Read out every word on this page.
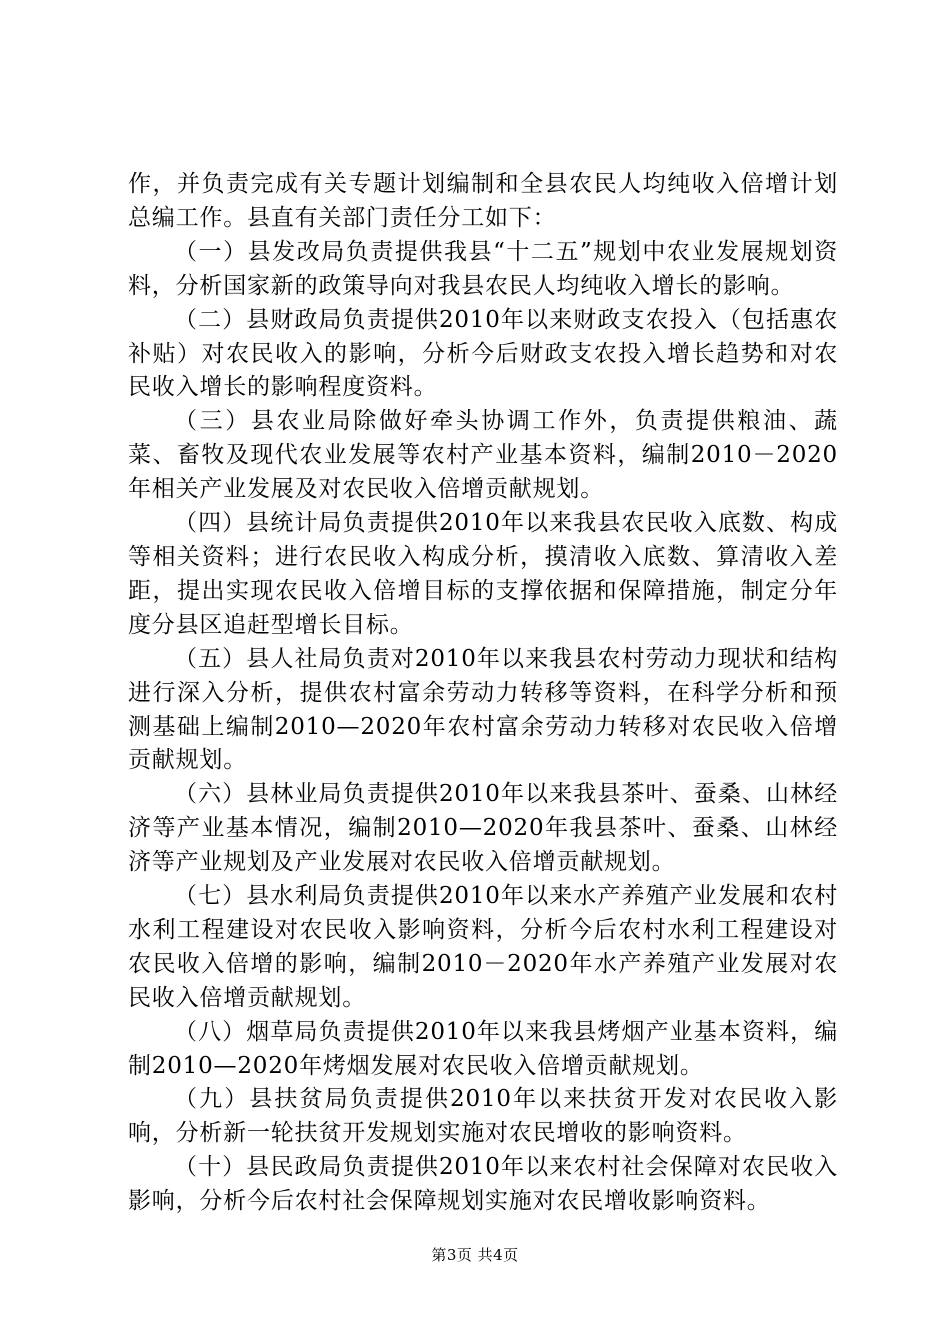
作，并负责完成有关专题计划编制和全县农民人均纯收入倍增计划总编工作。县直有关部门责任分工如下：

（一）县发改局负责提供我县“十二五”规划中农业发展规划资料，分析国家新的政策导向对我县农民人均纯收入增长的影响。

（二）县财政局负责提供2010年以来财政支农投入（包括惠农补贴）对农民收入的影响，分析今后财政支农投入增长趋势和对农民收入增长的影响程度资料。

（三）县农业局除做好牵头协调工作外，负责提供粮油、蔬菜、畜牧及现代农业发展等农村产业基本资料，编制2010－2020年相关产业发展及对农民收入倍增贡献规划。

（四）县统计局负责提供2010年以来我县农民收入底数、构成等相关资料；进行农民收入构成分析，摸清收入底数、算清收入差距，提出实现农民收入倍增目标的支撑依据和保障措施，制定分年度分县区追赶型增长目标。

（五）县人社局负责对2010年以来我县农村劳动力现状和结构进行深入分析，提供农村富余劳动力转移等资料，在科学分析和预测基础上编制2010—2020年农村富余劳动力转移对农民收入倍增贡献规划。

（六）县林业局负责提供2010年以来我县茶叶、蚕桑、山林经济等产业基本情况，编制2010—2020年我县茶叶、蚕桑、山林经济等产业规划及产业发展对农民收入倍增贡献规划。

（七）县水利局负责提供2010年以来水产养殖产业发展和农村水利工程建设对农民收入影响资料，分析今后农村水利工程建设对农民收入倍增的影响，编制2010－2020年水产养殖产业发展对农民收入倍增贡献规划。

（八）烟草局负责提供2010年以来我县烤烟产业基本资料，编制2010—2020年烤烟发展对农民收入倍增贡献规划。

（九）县扶贫局负责提供2010年以来扶贫开发对农民收入影响，分析新一轮扶贫开发规划实施对农民增收的影响资料。

（十）县民政局负责提供2010年以来农村社会保障对农民收入影响，分析今后农村社会保障规划实施对农民增收影响资料。

第3页 共4页
